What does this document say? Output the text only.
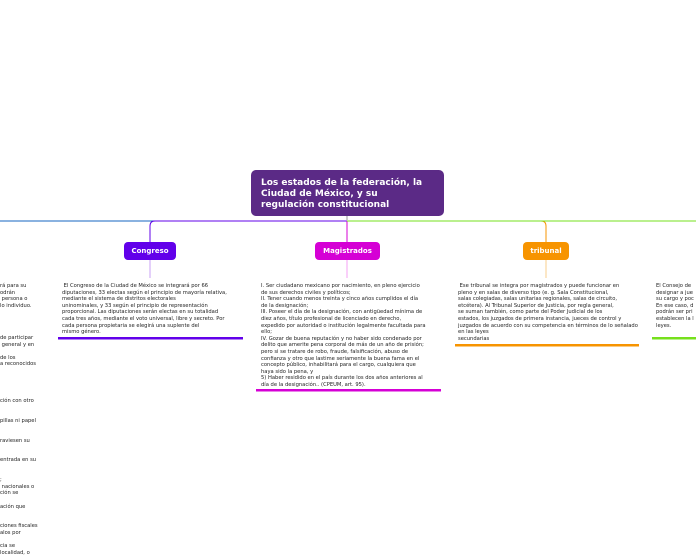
Los estados de la federación, la Ciudad de México, y su regulación constitucional
Congreso	Magistrados	tribunal
El Congreso de la Ciudad de México se integrará por 66
diputaciones, 33 electas según el principio de mayoría relativa,
mediante el sistema de distritos electorales
uninominales, y 33 según el principio de representación
proporcional. Las diputaciones serán electas en su totalidad
cada tres años, mediante el voto universal, libre y secreto. Por
cada persona propietaria se elegirá una suplente del
mismo género.
I. Ser ciudadano mexicano por nacimiento, en pleno ejercicio
de sus derechos civiles y políticos;
II. Tener cuando menos treinta y cinco años cumplidos el día
de la designación;
III. Poseer el día de la designación, con antigüedad mínima de
diez años, título profesional de licenciado en derecho,
expedido por autoridad o institución legalmente facultada para
ello;
IV. Gozar de buena reputación y no haber sido condenado por
delito que amerite pena corporal de más de un año de prisión;
pero si se tratare de robo, fraude, falsificación, abuso de
confianza y otro que lastime seriamente la buena fama en el
concepto público, inhabilitará para el cargo, cualquiera que
haya sido la pena, y
5) Haber residido en el país durante los dos años anteriores al
día de la designación.. (CPEUM, art. 95).
Ese tribunal se integra por magistrados y puede funcionar en
pleno y en salas de diverso tipo (e. g. Sala Constitucional,
salas colegiadas, salas unitarias regionales, salas de circuito,
etcétera). Al Tribunal Superior de Justicia, por regla general,
se suman también, como parte del Poder Judicial de los
estados, los juzgados de primera instancia, jueces de control y
juzgados de acuerdo con su competencia en términos de lo señalado en las leyes
secundarias
El Consejo de
designar a jue
su cargo y poc
En ese caso, d
podrán ser pri
establecen la l
leyes.
rá para su
odrán
persona o
lo individuo.
de participar
general y en

de los
a reconocidos
ción con otro

pillas ni papel

raviesen su

entrada en su

;
nacionales o
ción se

ación que

ciones fiscales
alos por

cia se
localidad, o
